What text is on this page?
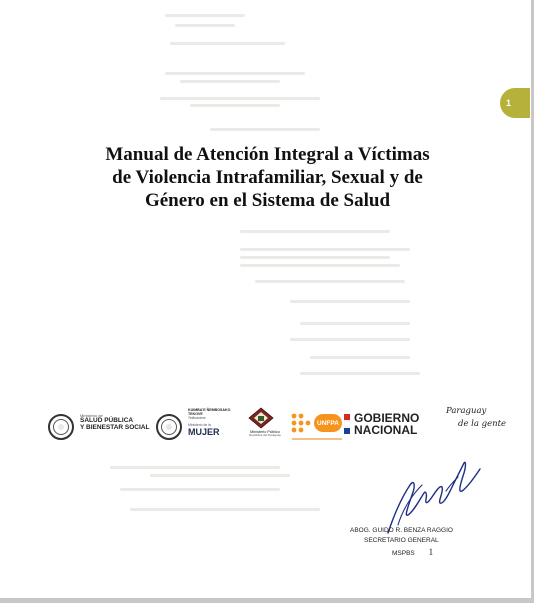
1
Manual de Atención Integral a Víctimas
de Violencia Intrafamiliar, Sexual y de
Género en el Sistema de Salud
Ministerio de
SALUD PÚBLICA
Y BIENESTAR SOCIAL
KUIMBA'E ÑEMBOSAKO
TEKOVE
Tetãvaráme
Ministerio de la
MUJER	Ministerio Público
República del Paraguay
UNFPA GOBIERNO
NACIONAL
Paraguay
de la gente
ABOG. GUIDO R. BENZA RAGGIO
SECRETARIO GENERAL
MSPBS 1
